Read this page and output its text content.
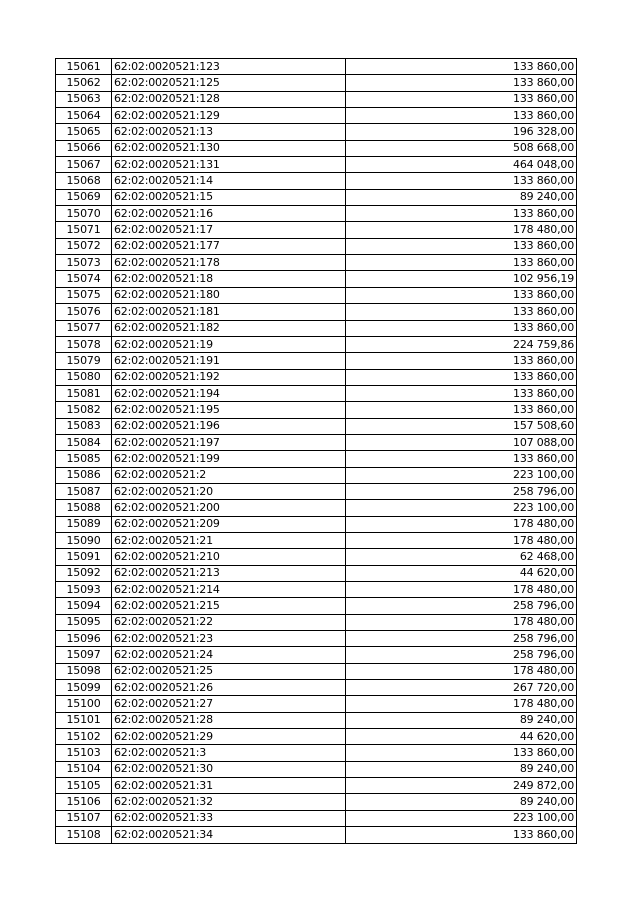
15061	62:02:0020521:123	133 860,00
15062	62:02:0020521:125	133 860,00
15063	62:02:0020521:128	133 860,00
15064	62:02:0020521:129	133 860,00
15065	62:02:0020521:13	196 328,00
15066	62:02:0020521:130	508 668,00
15067	62:02:0020521:131	464 048,00
15068	62:02:0020521:14	133 860,00
15069	62:02:0020521:15	89 240,00
15070	62:02:0020521:16	133 860,00
15071	62:02:0020521:17	178 480,00
15072	62:02:0020521:177	133 860,00
15073	62:02:0020521:178	133 860,00
15074	62:02:0020521:18	102 956,19
15075	62:02:0020521:180	133 860,00
15076	62:02:0020521:181	133 860,00
15077	62:02:0020521:182	133 860,00
15078	62:02:0020521:19	224 759,86
15079	62:02:0020521:191	133 860,00
15080	62:02:0020521:192	133 860,00
15081	62:02:0020521:194	133 860,00
15082	62:02:0020521:195	133 860,00
15083	62:02:0020521:196	157 508,60
15084	62:02:0020521:197	107 088,00
15085	62:02:0020521:199	133 860,00
15086	62:02:0020521:2	223 100,00
15087	62:02:0020521:20	258 796,00
15088	62:02:0020521:200	223 100,00
15089	62:02:0020521:209	178 480,00
15090	62:02:0020521:21	178 480,00
15091	62:02:0020521:210	62 468,00
15092	62:02:0020521:213	44 620,00
15093	62:02:0020521:214	178 480,00
15094	62:02:0020521:215	258 796,00
15095	62:02:0020521:22	178 480,00
15096	62:02:0020521:23	258 796,00
15097	62:02:0020521:24	258 796,00
15098	62:02:0020521:25	178 480,00
15099	62:02:0020521:26	267 720,00
15100	62:02:0020521:27	178 480,00
15101	62:02:0020521:28	89 240,00
15102	62:02:0020521:29	44 620,00
15103	62:02:0020521:3	133 860,00
15104	62:02:0020521:30	89 240,00
15105	62:02:0020521:31	249 872,00
15106	62:02:0020521:32	89 240,00
15107	62:02:0020521:33	223 100,00
15108	62:02:0020521:34	133 860,00
